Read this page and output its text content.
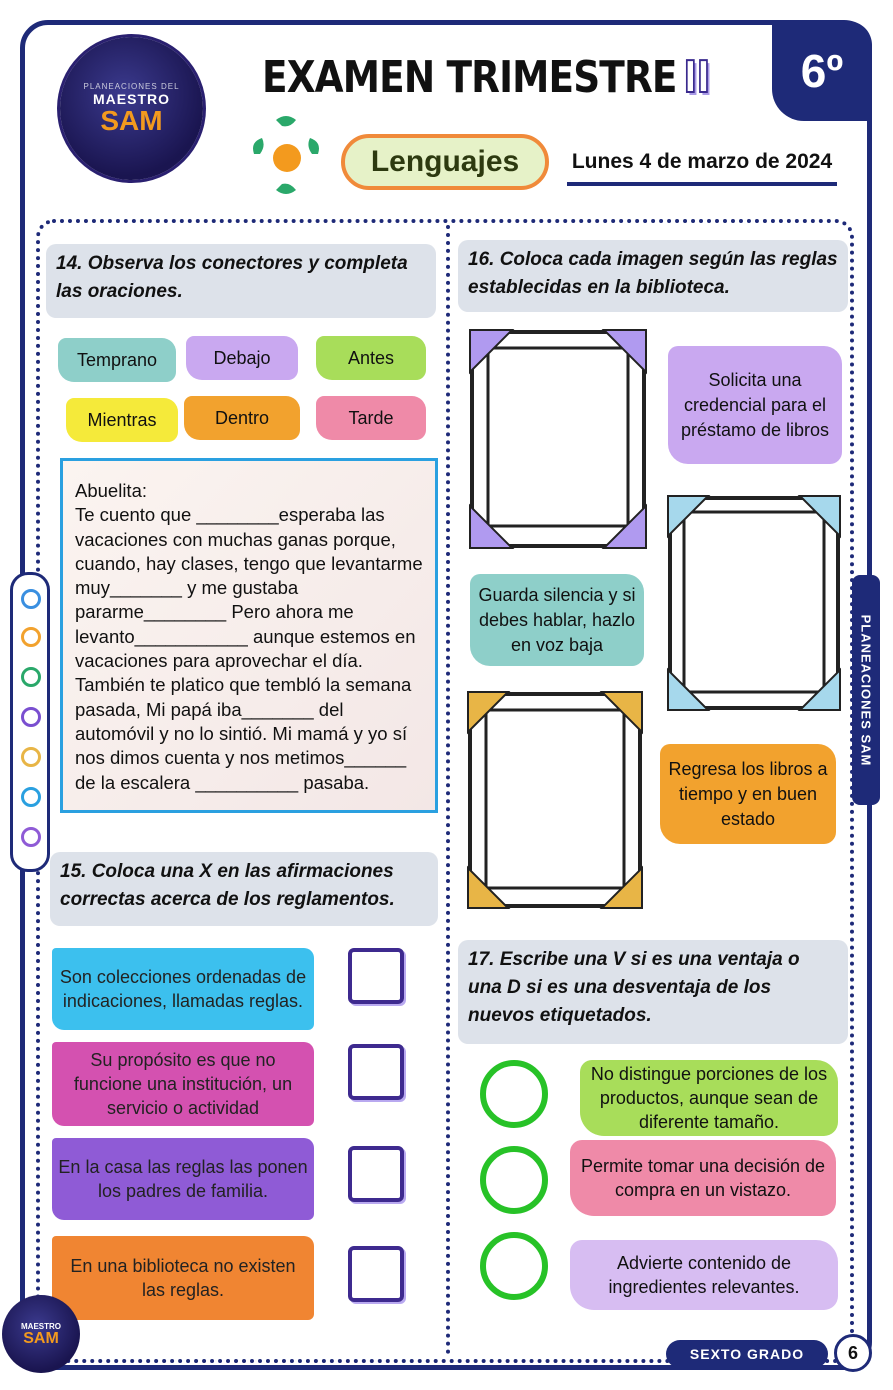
6º
PLANEACIONES DEL
MAESTRO
SAM
EXAMEN TRIMESTRE II
Lenguajes	Lunes 4 de marzo de 2024
14. Observa los conectores y completa las oraciones.
Temprano	Debajo	Antes
Mientras	Dentro	Tarde

Abuelita:
Te cuento que ________esperaba las vacaciones con muchas ganas porque, cuando, hay clases, tengo que levantarme muy_______ y me gustaba pararme________ Pero ahora me levanto___________ aunque estemos en vacaciones para aprovechar el día. También te platico que tembló la semana pasada, Mi papá iba_______ del automóvil y no lo sintió. Mi mamá y yo sí nos dimos cuenta y nos metimos______ de la escalera __________ pasaba.

15. Coloca una X en las afirmaciones correctas acerca de los reglamentos.
Son colecciones ordenadas de indicaciones, llamadas reglas.
Su propósito es que no funcione una institución, un servicio o actividad
En la casa las reglas las ponen los padres de familia.
En una biblioteca no existen las reglas.
16. Coloca cada imagen según las reglas establecidas en la biblioteca.
Solicita una credencial para el préstamo de libros
Guarda silencia y si debes hablar, hazlo en voz baja
Regresa los libros a tiempo y en buen estado
17. Escribe una V si es una ventaja o una D si es una desventaja de los nuevos etiquetados.
No distingue porciones de los productos, aunque sean de diferente tamaño.
Permite tomar una decisión de compra en un vistazo.
Advierte contenido de ingredientes relevantes.
PLANEACIONES SAM
MAESTRO
SAM
SEXTO GRADO	6
